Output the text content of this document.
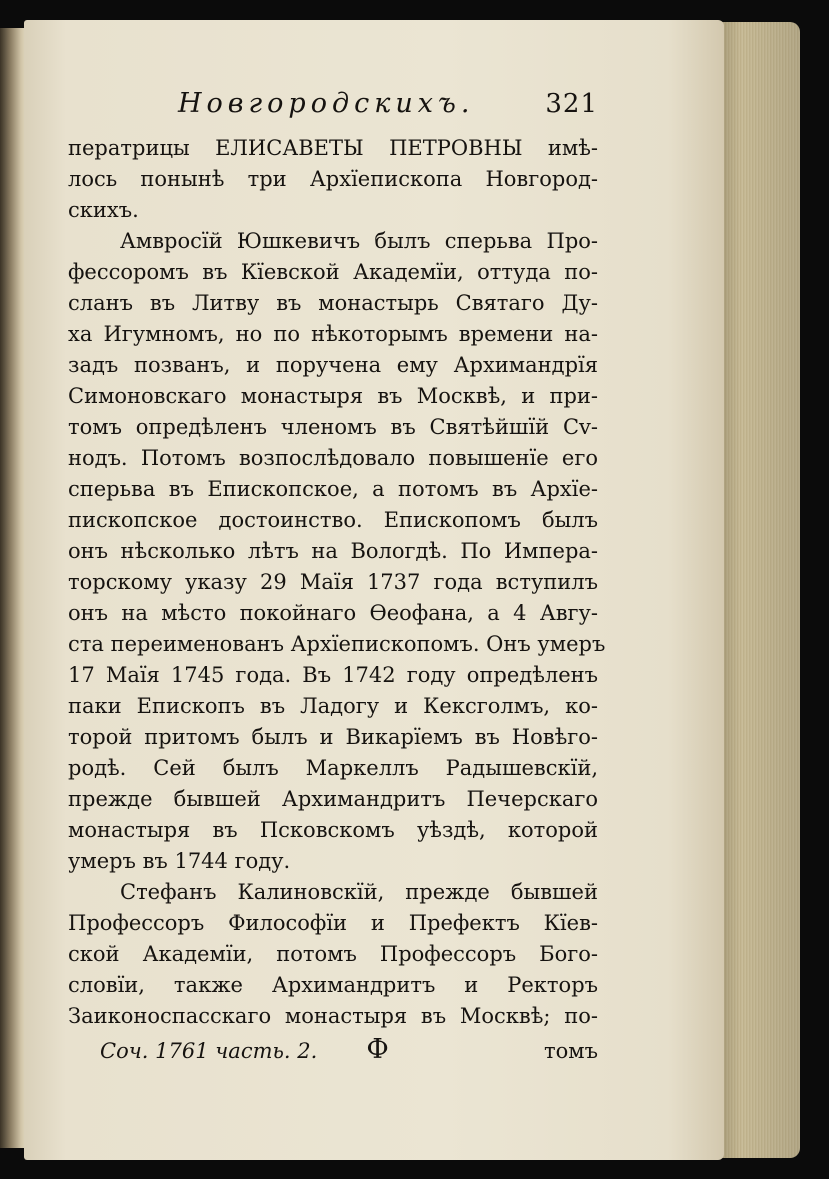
Новгородскихъ.	321
ператрицы ЕЛИСАВЕТЫ ПЕТРОВНЫ имѣ-
лось понынѣ три Архїепископа Новгород-
скихъ.
Амвросїй Юшкевичъ былъ сперьва Про-
фессоромъ въ Кїевской Академїи, оттуда по-
сланъ въ Литву въ монастырь Святаго Ду-
ха Игумномъ, но по нѣкоторымъ времени на-
задъ позванъ, и поручена ему Архимандрїя
Симоновскаго монастыря въ Москвѣ, и при-
томъ опредѣленъ членомъ въ Святѣйшїй Сv-
нодъ. Потомъ возпослѣдовало повышенїе его
сперьва въ Епископское, а потомъ въ Архїе-
пископское достоинство. Епископомъ былъ
онъ нѣсколько лѣтъ на Вологдѣ. По Импера-
торскому указу 29 Маїя 1737 года вступилъ
онъ на мѣсто покойнаго Ѳеофана, а 4 Авгу-
ста переименованъ Архїепископомъ. Онъ умеръ
17 Маїя 1745 года. Въ 1742 году опредѣленъ
паки Епископъ въ Ладогу и Кексголмъ, ко-
торой притомъ былъ и Викарїемъ въ Новѣго-
родѣ. Сей былъ Маркеллъ Радышевскїй,
прежде бывшей Архимандритъ Печерскаго
монастыря въ Псковскомъ уѣздѣ, которой
умеръ въ 1744 году.
Стефанъ Калиновскїй, прежде бывшей
Профессоръ Философїи и Префектъ Кїев-
ской Академїи, потомъ Профессоръ Бого-
словїи, также Архимандритъ и Ректоръ
Заиконоспасскаго монастыря въ Москвѣ; по-
Соч. 1761 часть. 2.	Ф	томъ
